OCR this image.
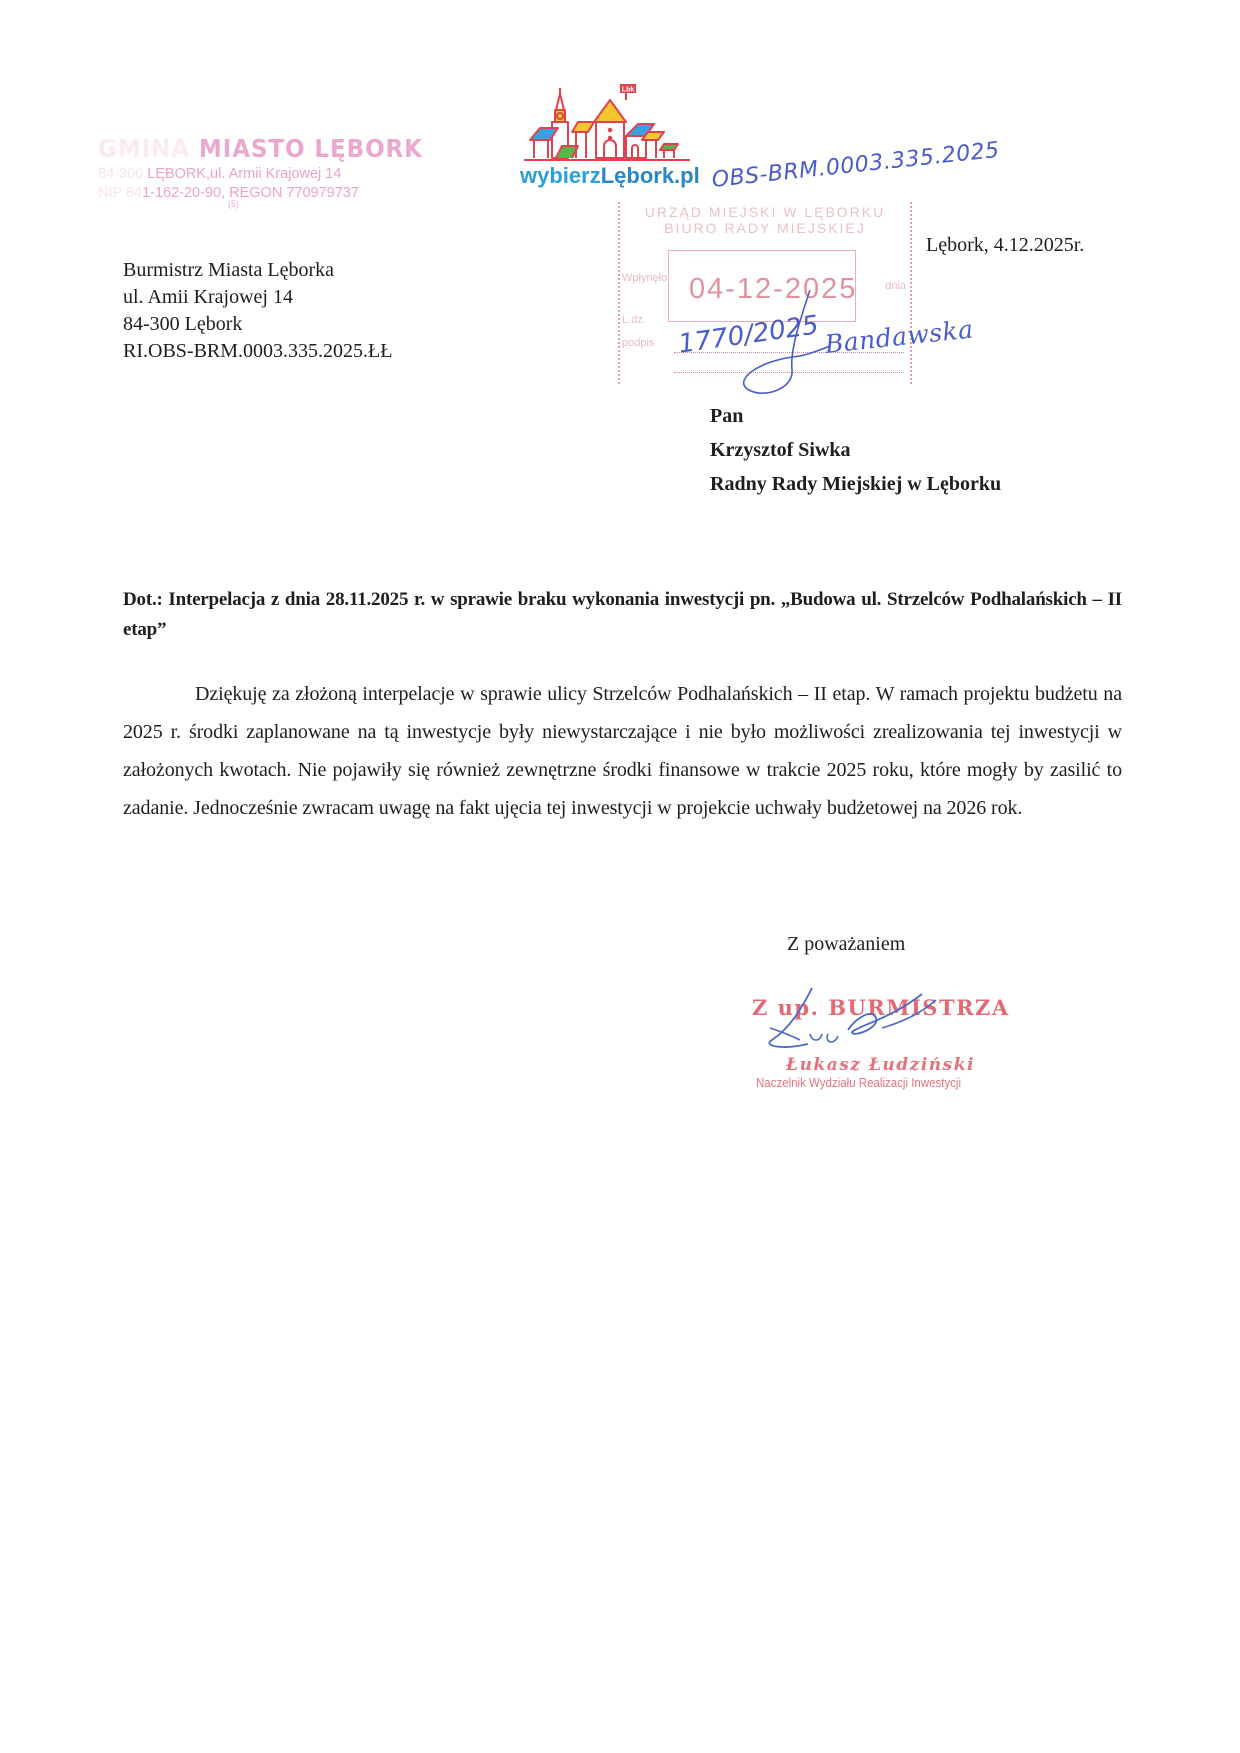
GMINA MIASTO LĘBORK
84-300 LĘBORK,ul. Armii Krajowej 14
NIP 841-162-20-90, REGON 770979737
(5)
Lbk
wybierzLębork.pl OBS-BRM.0003.335.2025
URZĄD MIEJSKI W LĘBORKU
BIURO RADY MIEJSKIEJ
Wpłynęło 04-12-2025	dnia
L.dz.
podpis 1770/2025 Bandawska
Lębork, 4.12.2025r.
Burmistrz Miasta Lęborka
ul. Amii Krajowej 14
84-300 Lębork
RI.OBS-BRM.0003.335.2025.ŁŁ
Pan
Krzysztof Siwka
Radny Rady Miejskiej w Lęborku
Dot.: Interpelacja z dnia 28.11.2025 r. w sprawie braku wykonania inwestycji pn. „Budowa ul. Strzelców Podhalańskich – II etap”

Dziękuję za złożoną interpelacje w sprawie ulicy Strzelców Podhalańskich – II etap. W ramach projektu budżetu na 2025 r. środki zaplanowane na tą inwestycje były niewystarczające i nie było możliwości zrealizowania tej inwestycji w założonych kwotach. Nie pojawiły się również zewnętrzne środki finansowe w trakcie 2025 roku, które mogły by zasilić to zadanie. Jednocześnie zwracam uwagę na fakt ujęcia tej inwestycji w projekcie uchwały budżetowej na 2026 rok.

Z poważaniem
Z up. BURMISTRZA
Łukasz Łudziński
Naczelnik Wydziału Realizacji Inwestycji
